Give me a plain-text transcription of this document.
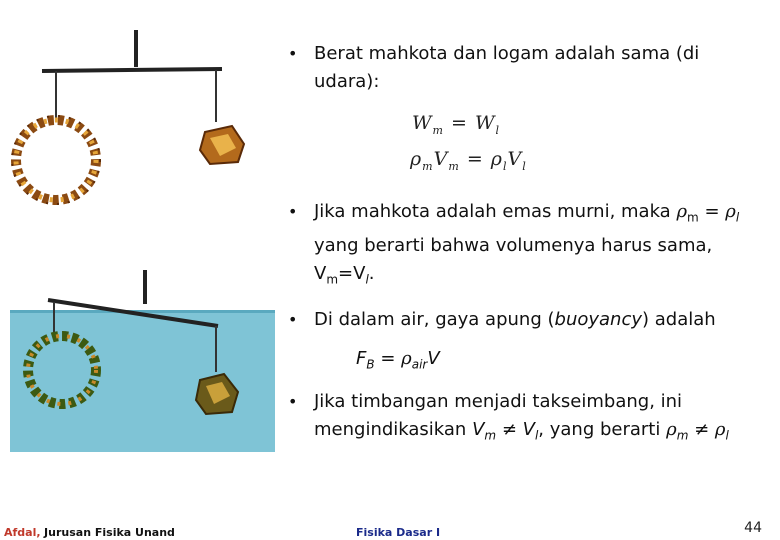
• Berat mahkota dan logam adalah sama (di
udara):
$W_m = W_l$
$\rho_mV_m = \rho_lV_l$
• Jika mahkota adalah emas murni, maka $\rho_m = \rho_l$
yang berarti bahwa volumenya harus sama,
$V_m=V_l$.
• Di dalam air, gaya apung (buoyancy) adalah
$F_B = \rho_{air}V$
• Jika timbangan menjadi takseimbang, ini
mengindikasikan $V_m \ne V_l$, yang berarti $\rho_m \ne \rho_l$
Afdal, Jurusan Fisika Unand	Fisika Dasar I	44
